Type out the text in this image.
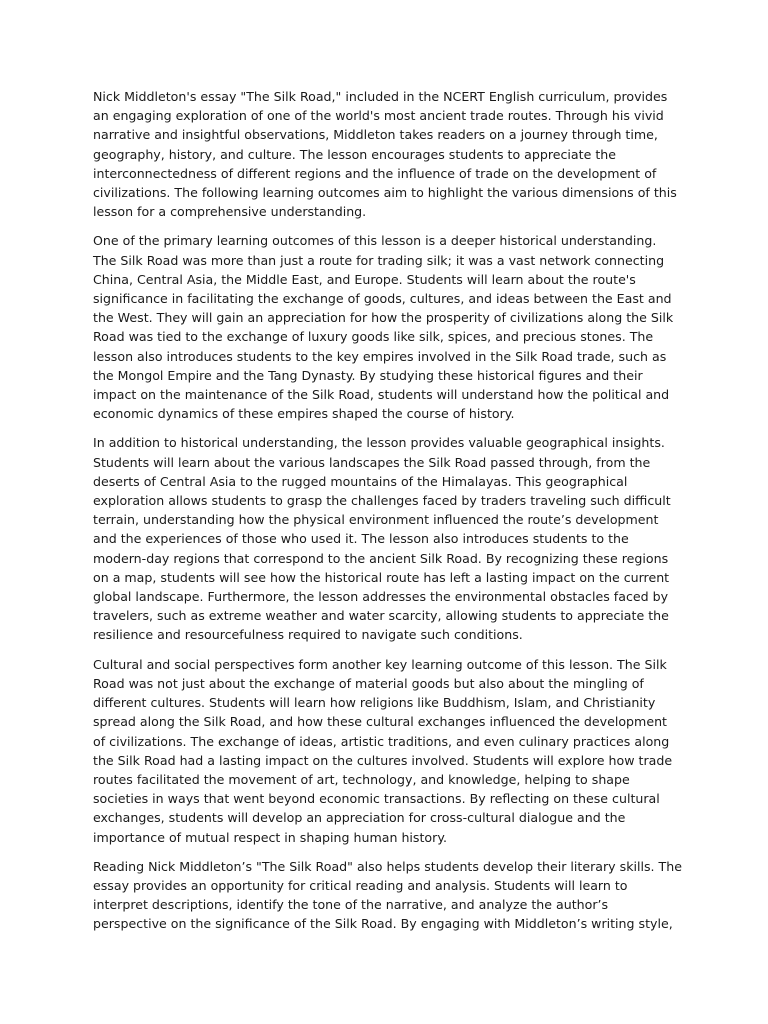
Nick Middleton's essay "The Silk Road," included in the NCERT English curriculum, provides
an engaging exploration of one of the world's most ancient trade routes. Through his vivid
narrative and insightful observations, Middleton takes readers on a journey through time,
geography, history, and culture. The lesson encourages students to appreciate the
interconnectedness of different regions and the influence of trade on the development of
civilizations. The following learning outcomes aim to highlight the various dimensions of this
lesson for a comprehensive understanding.

One of the primary learning outcomes of this lesson is a deeper historical understanding.
The Silk Road was more than just a route for trading silk; it was a vast network connecting
China, Central Asia, the Middle East, and Europe. Students will learn about the route's
significance in facilitating the exchange of goods, cultures, and ideas between the East and
the West. They will gain an appreciation for how the prosperity of civilizations along the Silk
Road was tied to the exchange of luxury goods like silk, spices, and precious stones. The
lesson also introduces students to the key empires involved in the Silk Road trade, such as
the Mongol Empire and the Tang Dynasty. By studying these historical figures and their
impact on the maintenance of the Silk Road, students will understand how the political and
economic dynamics of these empires shaped the course of history.

In addition to historical understanding, the lesson provides valuable geographical insights.
Students will learn about the various landscapes the Silk Road passed through, from the
deserts of Central Asia to the rugged mountains of the Himalayas. This geographical
exploration allows students to grasp the challenges faced by traders traveling such difficult
terrain, understanding how the physical environment influenced the route’s development
and the experiences of those who used it. The lesson also introduces students to the
modern-day regions that correspond to the ancient Silk Road. By recognizing these regions
on a map, students will see how the historical route has left a lasting impact on the current
global landscape. Furthermore, the lesson addresses the environmental obstacles faced by
travelers, such as extreme weather and water scarcity, allowing students to appreciate the
resilience and resourcefulness required to navigate such conditions.

Cultural and social perspectives form another key learning outcome of this lesson. The Silk
Road was not just about the exchange of material goods but also about the mingling of
different cultures. Students will learn how religions like Buddhism, Islam, and Christianity
spread along the Silk Road, and how these cultural exchanges influenced the development
of civilizations. The exchange of ideas, artistic traditions, and even culinary practices along
the Silk Road had a lasting impact on the cultures involved. Students will explore how trade
routes facilitated the movement of art, technology, and knowledge, helping to shape
societies in ways that went beyond economic transactions. By reflecting on these cultural
exchanges, students will develop an appreciation for cross-cultural dialogue and the
importance of mutual respect in shaping human history.

Reading Nick Middleton’s "The Silk Road" also helps students develop their literary skills. The
essay provides an opportunity for critical reading and analysis. Students will learn to
interpret descriptions, identify the tone of the narrative, and analyze the author’s
perspective on the significance of the Silk Road. By engaging with Middleton’s writing style,
